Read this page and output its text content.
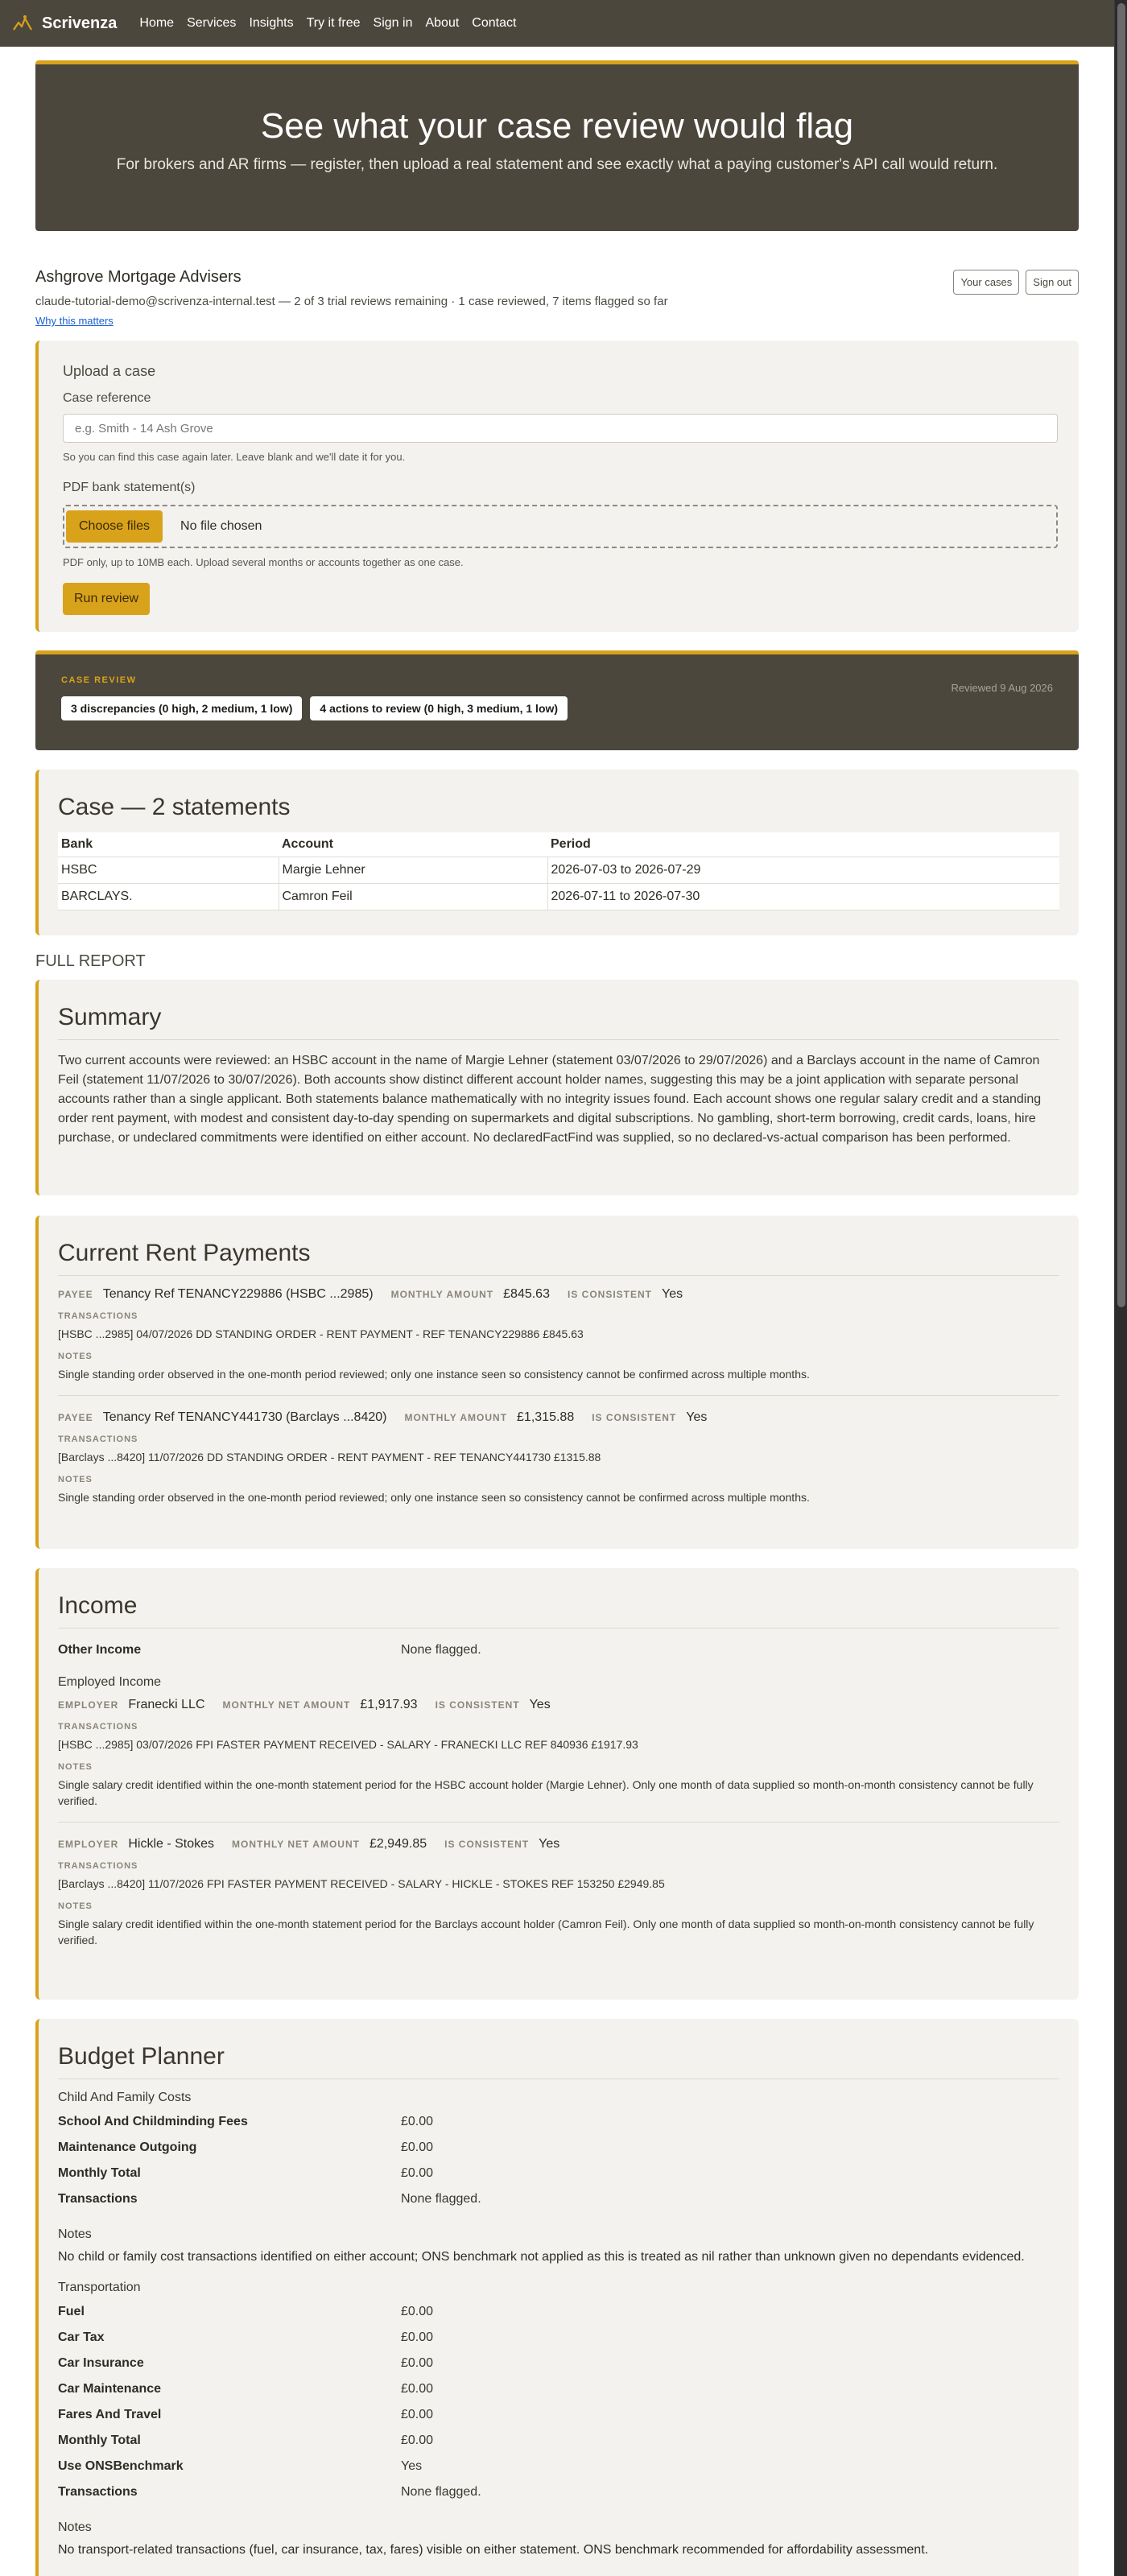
Scrivenza Home Services Insights Try it free Sign in About Contact
See what your case review would flag

For brokers and AR firms — register, then upload a real statement and see exactly what a paying customer's API call would return.

Ashgrove Mortgage Advisers
claude-tutorial-demo@scrivenza-internal.test — 2 of 3 trial reviews remaining · 1 case reviewed, 7 items flagged so far
Why this matters
Your cases	Sign out
Upload a case
Case reference
e.g. Smith - 14 Ash Grove
So you can find this case again later. Leave blank and we'll date it for you.
PDF bank statement(s)
Choose files	No file chosen
PDF only, up to 10MB each. Upload several months or accounts together as one case.
Run review
CASE REVIEW
Reviewed 9 Aug 2026
3 discrepancies (0 high, 2 medium, 1 low)	4 actions to review (0 high, 3 medium, 1 low)
Case — 2 statements
Bank	Account	Period
HSBC	Margie Lehner	2026-07-03 to 2026-07-29
BARCLAYS.	Camron Feil	2026-07-11 to 2026-07-30
FULL REPORT
Summary

Two current accounts were reviewed: an HSBC account in the name of Margie Lehner (statement 03/07/2026 to 29/07/2026) and a Barclays account in the name of Camron Feil (statement 11/07/2026 to 30/07/2026). Both accounts show distinct different account holder names, suggesting this may be a joint application with separate personal accounts rather than a single applicant. Both statements balance mathematically with no integrity issues found. Each account shows one regular salary credit and a standing order rent payment, with modest and consistent day-to-day spending on supermarkets and digital subscriptions. No gambling, short-term borrowing, credit cards, loans, hire purchase, or undeclared commitments were identified on either account. No declaredFactFind was supplied, so no declared-vs-actual comparison has been performed.

Current Rent Payments
PAYEE Tenancy Ref TENANCY229886 (HSBC ...2985) MONTHLY AMOUNT £845.63 IS CONSISTENT Yes
TRANSACTIONS
[HSBC ...2985] 04/07/2026 DD STANDING ORDER - RENT PAYMENT - REF TENANCY229886 £845.63
NOTES
Single standing order observed in the one-month period reviewed; only one instance seen so consistency cannot be confirmed across multiple months.
PAYEE Tenancy Ref TENANCY441730 (Barclays ...8420) MONTHLY AMOUNT £1,315.88 IS CONSISTENT Yes
TRANSACTIONS
[Barclays ...8420] 11/07/2026 DD STANDING ORDER - RENT PAYMENT - REF TENANCY441730 £1315.88
NOTES
Single standing order observed in the one-month period reviewed; only one instance seen so consistency cannot be confirmed across multiple months.
Income
Other Income	None flagged.
Employed Income
EMPLOYER Franecki LLC MONTHLY NET AMOUNT £1,917.93 IS CONSISTENT Yes
TRANSACTIONS
[HSBC ...2985] 03/07/2026 FPI FASTER PAYMENT RECEIVED - SALARY - FRANECKI LLC REF 840936 £1917.93
NOTES
Single salary credit identified within the one-month statement period for the HSBC account holder (Margie Lehner). Only one month of data supplied so month-on-month consistency cannot be fully verified.
EMPLOYER Hickle - Stokes MONTHLY NET AMOUNT £2,949.85 IS CONSISTENT Yes
TRANSACTIONS
[Barclays ...8420] 11/07/2026 FPI FASTER PAYMENT RECEIVED - SALARY - HICKLE - STOKES REF 153250 £2949.85
NOTES
Single salary credit identified within the one-month statement period for the Barclays account holder (Camron Feil). Only one month of data supplied so month-on-month consistency cannot be fully verified.
Budget Planner
Child And Family Costs
School And Childminding Fees	£0.00
Maintenance Outgoing	£0.00
Monthly Total	£0.00
Transactions	None flagged.
Notes
No child or family cost transactions identified on either account; ONS benchmark not applied as this is treated as nil rather than unknown given no dependants evidenced.
Transportation
Fuel	£0.00
Car Tax	£0.00
Car Insurance	£0.00
Car Maintenance	£0.00
Fares And Travel	£0.00
Monthly Total	£0.00
Use ONSBenchmark	Yes
Transactions	None flagged.
Notes
No transport-related transactions (fuel, car insurance, tax, fares) visible on either statement. ONS benchmark recommended for affordability assessment.
